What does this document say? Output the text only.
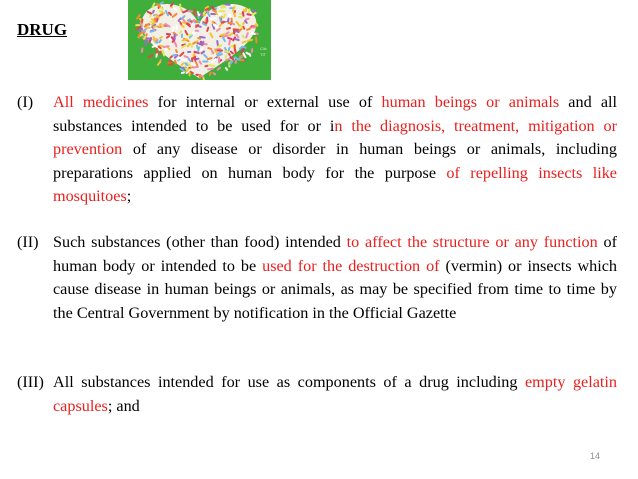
DRUG
Clic
TIT
(I) All medicines for internal or external use of human beings or animals and all substances intended to be used for or in the diagnosis, treatment, mitigation or prevention of any disease or disorder in human beings or animals, including preparations applied on human body for the purpose of repelling insects like mosquitoes;
(II) Such substances (other than food) intended to affect the structure or any function of human body or intended to be used for the destruction of (vermin) or insects which cause disease in human beings or animals, as may be specified from time to time by the Central Government by notification in the Official Gazette
(III) All substances intended for use as components of a drug including empty gelatin capsules; and
14
